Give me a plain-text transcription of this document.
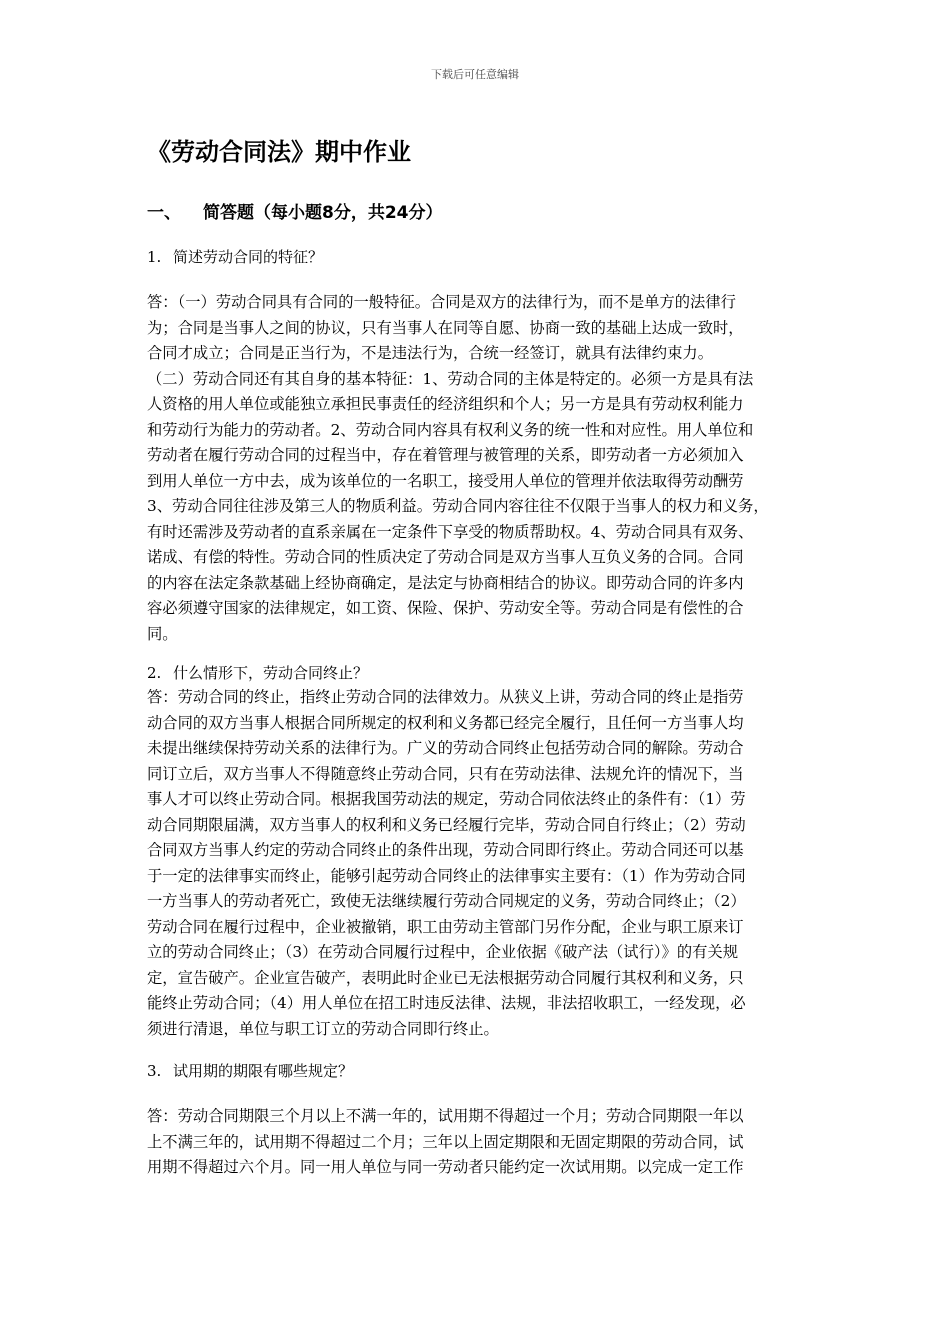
下载后可任意编辑
《劳动合同法》期中作业
一、 简答题（每小题8分，共24分）
1. 简述劳动合同的特征？
答：（一）劳动合同具有合同的一般特征。合同是双方的法律行为，而不是单方的法律行
为；合同是当事人之间的协议，只有当事人在同等自愿、协商一致的基础上达成一致时，
合同才成立；合同是正当行为，不是违法行为，合统一经签订，就具有法律约束力。
（二）劳动合同还有其自身的基本特征：1、劳动合同的主体是特定的。必须一方是具有法
人资格的用人单位或能独立承担民事责任的经济组织和个人；另一方是具有劳动权利能力
和劳动行为能力的劳动者。2、劳动合同内容具有权利义务的统一性和对应性。用人单位和
劳动者在履行劳动合同的过程当中，存在着管理与被管理的关系，即劳动者一方必须加入
到用人单位一方中去，成为该单位的一名职工，接受用人单位的管理并依法取得劳动酬劳
3、劳动合同往往涉及第三人的物质利益。劳动合同内容往往不仅限于当事人的权力和义务，
有时还需涉及劳动者的直系亲属在一定条件下享受的物质帮助权。4、劳动合同具有双务、
诺成、有偿的特性。劳动合同的性质决定了劳动合同是双方当事人互负义务的合同。合同
的内容在法定条款基础上经协商确定，是法定与协商相结合的协议。即劳动合同的许多内
容必须遵守国家的法律规定，如工资、保险、保护、劳动安全等。劳动合同是有偿性的合
同。
2. 什么情形下，劳动合同终止？
答：劳动合同的终止，指终止劳动合同的法律效力。从狭义上讲，劳动合同的终止是指劳
动合同的双方当事人根据合同所规定的权利和义务都已经完全履行，且任何一方当事人均
未提出继续保持劳动关系的法律行为。广义的劳动合同终止包括劳动合同的解除。劳动合
同订立后，双方当事人不得随意终止劳动合同，只有在劳动法律、法规允许的情况下，当
事人才可以终止劳动合同。根据我国劳动法的规定，劳动合同依法终止的条件有：（1）劳
动合同期限届满，双方当事人的权利和义务已经履行完毕，劳动合同自行终止；（2）劳动
合同双方当事人约定的劳动合同终止的条件出现，劳动合同即行终止。劳动合同还可以基
于一定的法律事实而终止，能够引起劳动合同终止的法律事实主要有：（1）作为劳动合同
一方当事人的劳动者死亡，致使无法继续履行劳动合同规定的义务，劳动合同终止；（2）
劳动合同在履行过程中，企业被撤销，职工由劳动主管部门另作分配，企业与职工原来订
立的劳动合同终止；（3）在劳动合同履行过程中，企业依据《破产法（试行）》的有关规
定，宣告破产。企业宣告破产，表明此时企业已无法根据劳动合同履行其权利和义务，只
能终止劳动合同；（4）用人单位在招工时违反法律、法规，非法招收职工，一经发现，必
须进行清退，单位与职工订立的劳动合同即行终止。
3. 试用期的期限有哪些规定？
答：劳动合同期限三个月以上不满一年的，试用期不得超过一个月；劳动合同期限一年以
上不满三年的，试用期不得超过二个月；三年以上固定期限和无固定期限的劳动合同，试
用期不得超过六个月。同一用人单位与同一劳动者只能约定一次试用期。以完成一定工作
